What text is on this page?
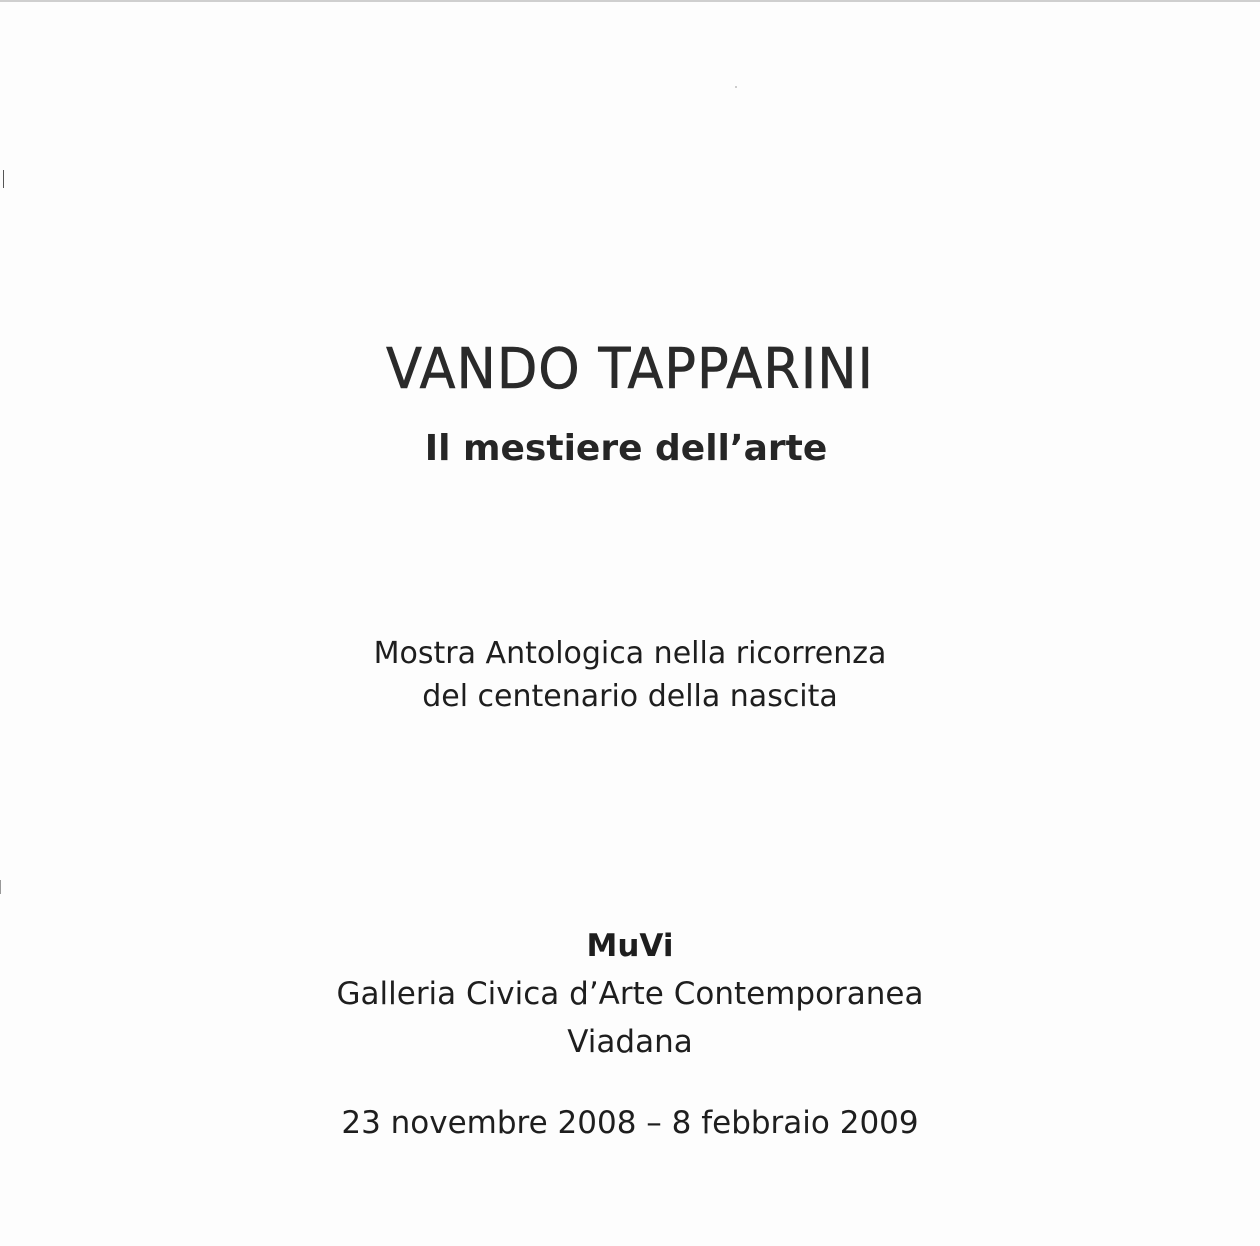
VANDO TAPPARINI
Il mestiere dell’arte
Mostra Antologica nella ricorrenza
del centenario della nascita
MuVi
Galleria Civica d’Arte Contemporanea
Viadana
23 novembre 2008 – 8 febbraio 2009
